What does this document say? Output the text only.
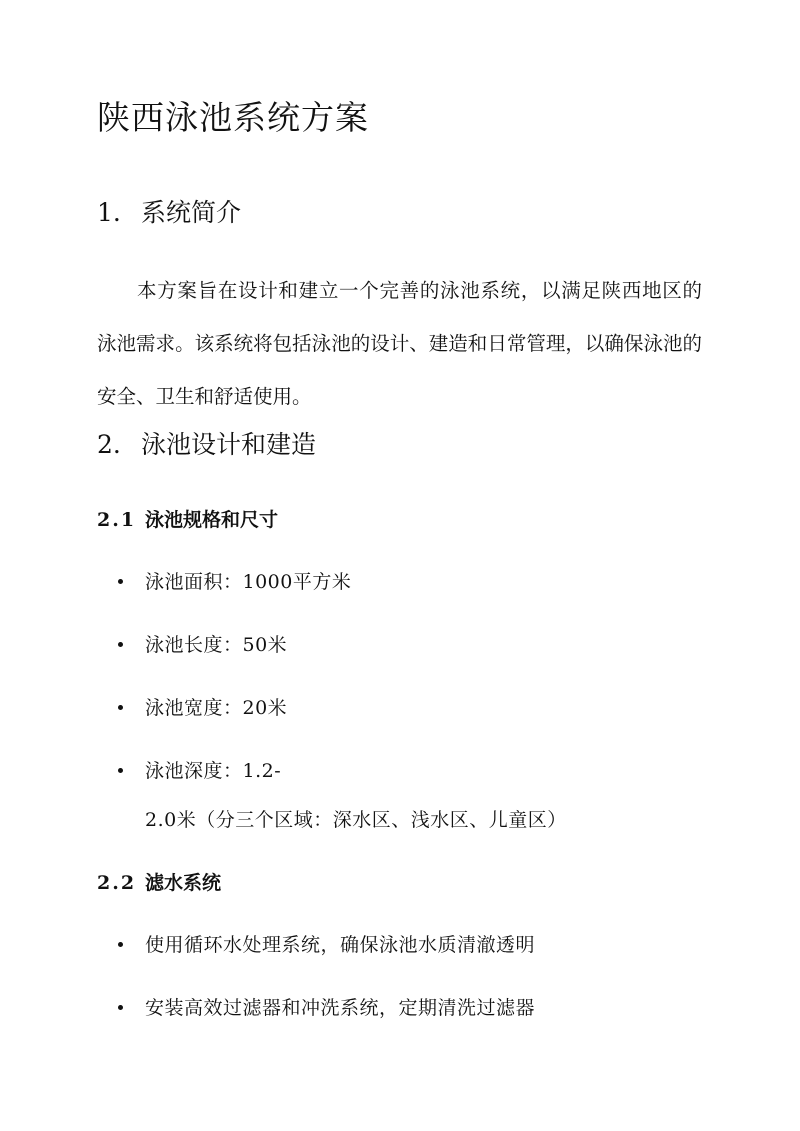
陕西泳池系统方案
1. 系统简介

本方案旨在设计和建立一个完善的泳池系统，以满足陕西地区的泳池需求。该系统将包括泳池的设计、建造和日常管理，以确保泳池的安全、卫生和舒适使用。

2. 泳池设计和建造
2.1 泳池规格和尺寸
泳池面积：1000平方米
泳池长度：50米
泳池宽度：20米
泳池深度：1.2-
2.0米（分三个区域：深水区、浅水区、儿童区）
2.2 滤水系统
使用循环水处理系统，确保泳池水质清澈透明
安装高效过滤器和冲洗系统，定期清洗过滤器
